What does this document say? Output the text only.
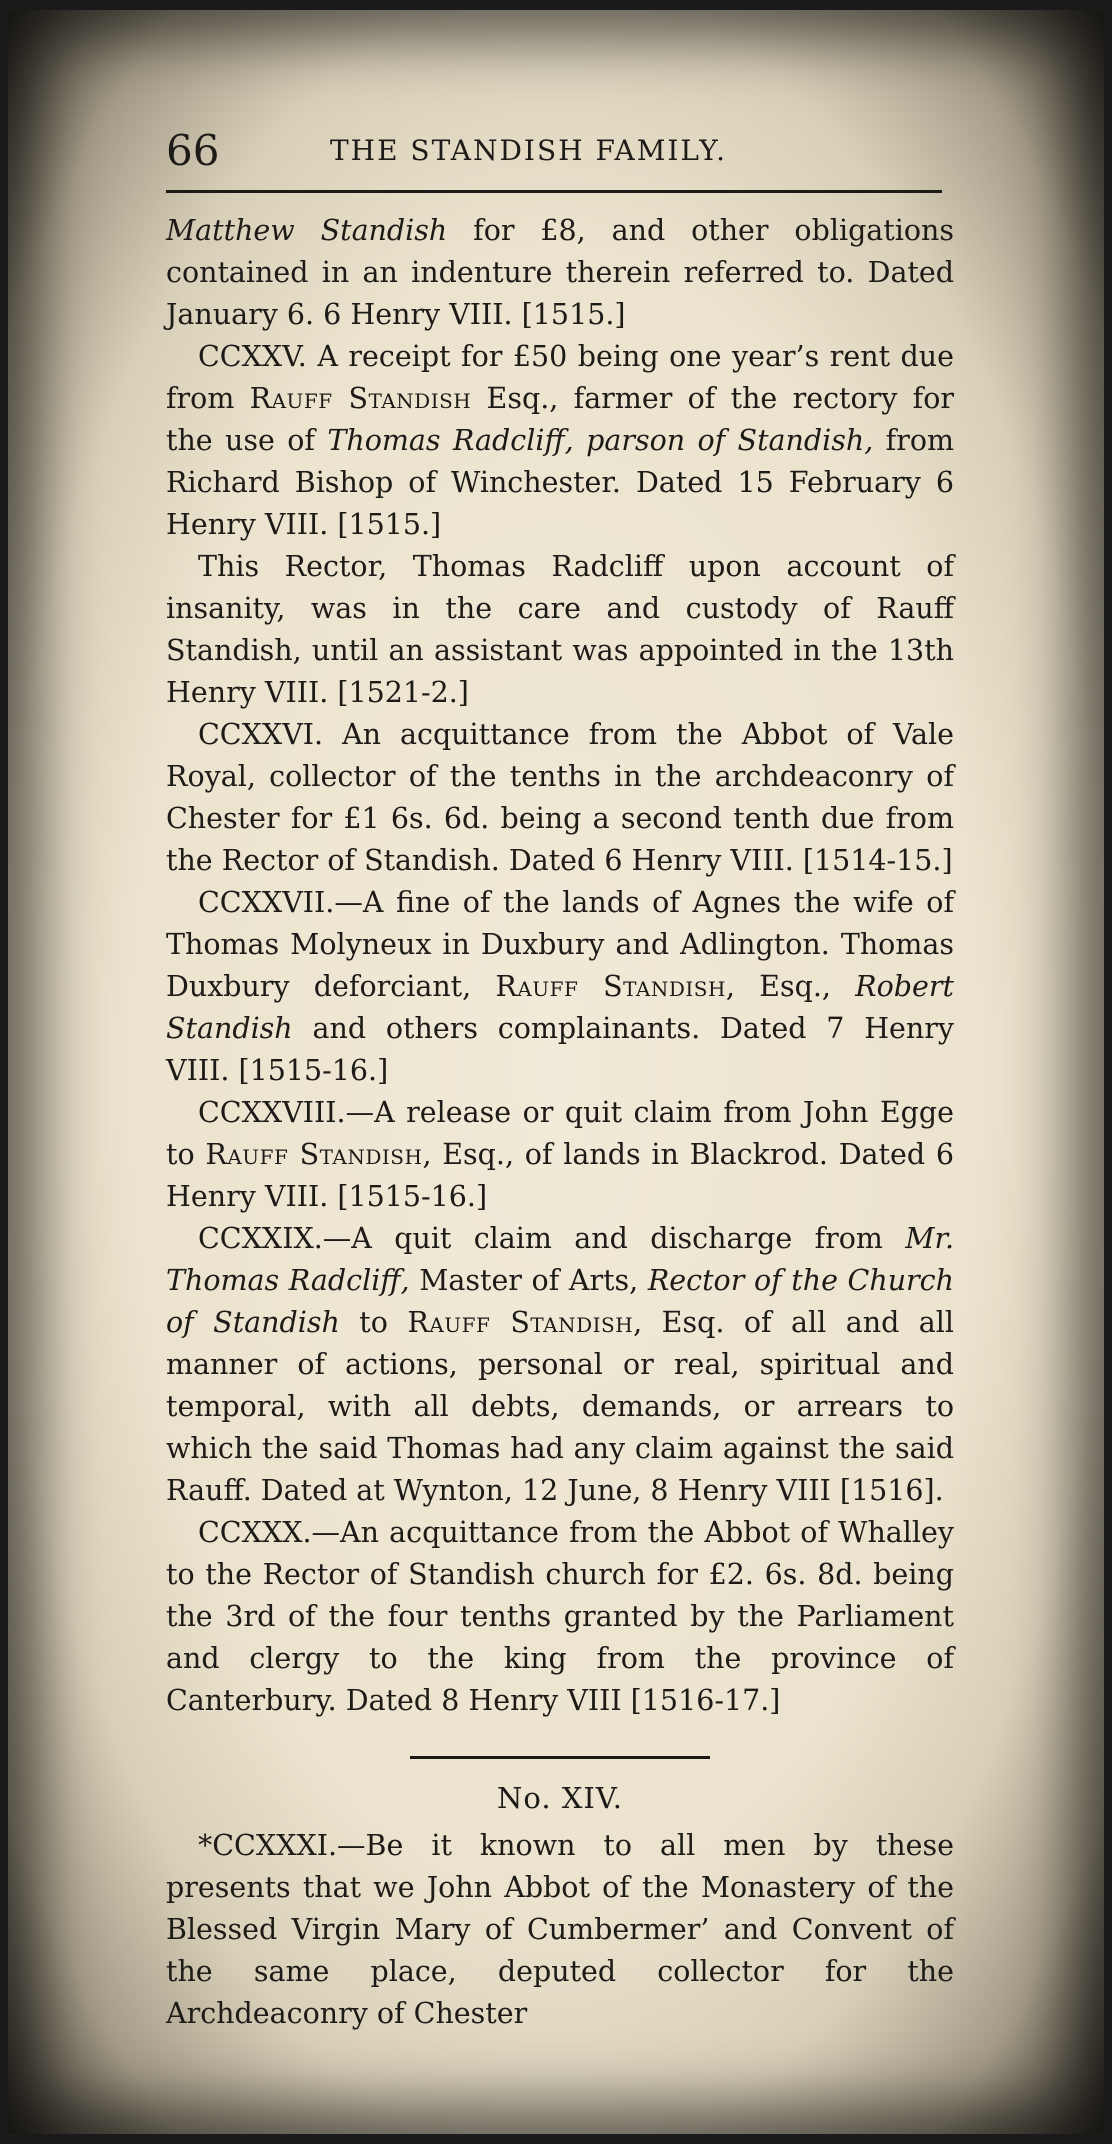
66	THE STANDISH FAMILY.

Matthew Standish for £8, and other obligations contained in an indenture therein referred to. Dated January 6. 6 Henry VIII. [1515.]

CCXXV. A receipt for £50 being one year’s rent due from Rauff Standish Esq., farmer of the rectory for the use of Thomas Radcliff, parson of Standish, from Richard Bishop of Winchester. Dated 15 February 6 Henry VIII. [1515.]

This Rector, Thomas Radcliff upon account of insanity, was in the care and custody of Rauff Standish, until an assistant was appointed in the 13th Henry VIII. [1521-2.]

CCXXVI. An acquittance from the Abbot of Vale Royal, collector of the tenths in the archdeaconry of Chester for £1 6s. 6d. being a second tenth due from the Rector of Standish. Dated 6 Henry VIII. [1514-15.]

CCXXVII.—A fine of the lands of Agnes the wife of Thomas Molyneux in Duxbury and Adlington. Thomas Duxbury deforciant, Rauff Standish, Esq., Robert Standish and others complainants. Dated 7 Henry VIII. [1515-16.]

CCXXVIII.—A release or quit claim from John Egge to Rauff Standish, Esq., of lands in Blackrod. Dated 6 Henry VIII. [1515-16.]

CCXXIX.—A quit claim and discharge from Mr. Thomas Radcliff, Master of Arts, Rector of the Church of Standish to Rauff Standish, Esq. of all and all manner of actions, personal or real, spiritual and temporal, with all debts, demands, or arrears to which the said Thomas had any claim against the said Rauff. Dated at Wynton, 12 June, 8 Henry VIII [1516].

CCXXX.—An acquittance from the Abbot of Whalley to the Rector of Standish church for £2. 6s. 8d. being the 3rd of the four tenths granted by the Parliament and clergy to the king from the province of Canterbury. Dated 8 Henry VIII [1516-17.]

No. XIV.

*CCXXXI.—Be it known to all men by these presents that we John Abbot of the Monastery of the Blessed Virgin Mary of Cumbermer’ and Convent of the same place, deputed collector for the Archdeaconry of Chester
